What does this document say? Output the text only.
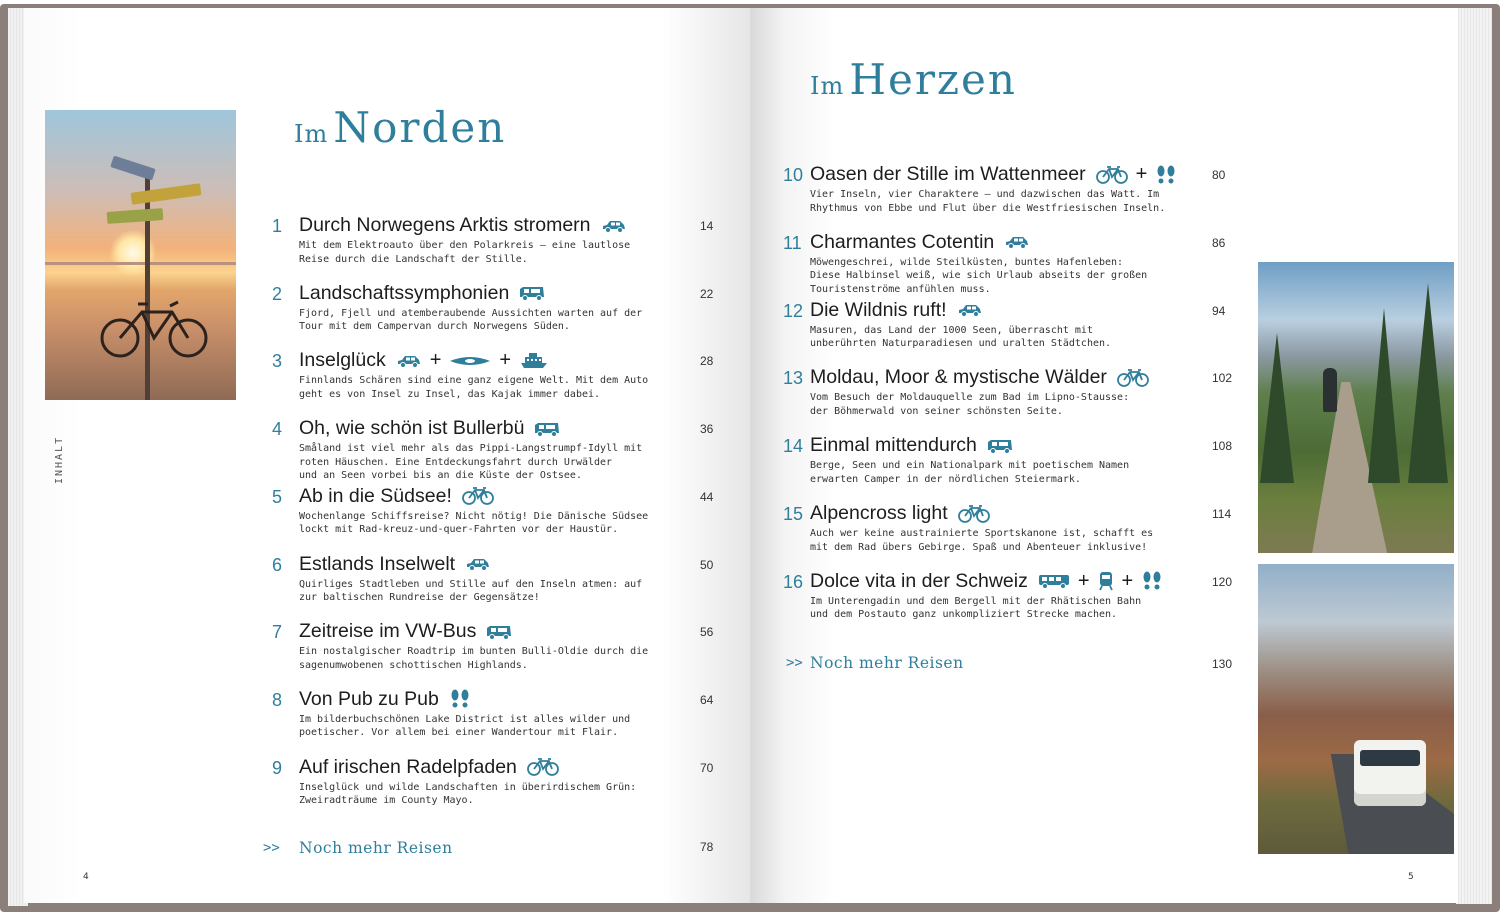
Im Norden
Im Herzen
INHALT
4	5
1 Durch Norwegens Arktis stromern
Mit dem Elektroauto über den Polarkreis – eine lautlose
Reise durch die Landschaft der Stille.
14
2 Landschaftssymphonien
Fjord, Fjell und atemberaubende Aussichten warten auf der
Tour mit dem Campervan durch Norwegens Süden.
22
3 Inselglück +	+
Finnlands Schären sind eine ganz eigene Welt. Mit dem Auto
geht es von Insel zu Insel, das Kajak immer dabei.
28
4 Oh, wie schön ist Bullerbü
Småland ist viel mehr als das Pippi-Langstrumpf-Idyll mit
roten Häuschen. Eine Entdeckungsfahrt durch Urwälder
und an Seen vorbei bis an die Küste der Ostsee.
36
5 Ab in die Südsee!
Wochenlange Schiffsreise? Nicht nötig! Die Dänische Südsee
lockt mit Rad-kreuz-und-quer-Fahrten vor der Haustür.
44
6 Estlands Inselwelt
Quirliges Stadtleben und Stille auf den Inseln atmen: auf
zur baltischen Rundreise der Gegensätze!
50
7 Zeitreise im VW-Bus
Ein nostalgischer Roadtrip im bunten Bulli-Oldie durch die
sagenumwobenen schottischen Highlands.
56
8 Von Pub zu Pub
Im bilderbuchschönen Lake District ist alles wilder und
poetischer. Vor allem bei einer Wandertour mit Flair.
64
9 Auf irischen Radelpfaden
Inselglück und wilde Landschaften in überirdischem Grün:
Zweiradträume im County Mayo.
70
10 Oasen der Stille im Wattenmeer	+
Vier Inseln, vier Charaktere – und dazwischen das Watt. Im
Rhythmus von Ebbe und Flut über die Westfriesischen Inseln.
80
11 Charmantes Cotentin
Möwengeschrei, wilde Steilküsten, buntes Hafenleben:
Diese Halbinsel weiß, wie sich Urlaub abseits der großen
Touristenströme anfühlen muss.
86
12 Die Wildnis ruft!
Masuren, das Land der 1000 Seen, überrascht mit
unberührten Naturparadiesen und uralten Städtchen.
94
13 Moldau, Moor & mystische Wälder
Vom Besuch der Moldauquelle zum Bad im Lipno-Stausse:
der Böhmerwald von seiner schönsten Seite.
102
14 Einmal mittendurch
Berge, Seen und ein Nationalpark mit poetischem Namen
erwarten Camper in der nördlichen Steiermark.
108
15 Alpencross light
Auch wer keine austrainierte Sportskanone ist, schafft es
mit dem Rad übers Gebirge. Spaß und Abenteuer inklusive!
114
16 Dolce vita in der Schweiz	+ +
Im Unterengadin und dem Bergell mit der Rhätischen Bahn
und dem Postauto ganz unkompliziert Strecke machen.
120
>> Noch mehr Reisen	78
>> Noch mehr Reisen	130
